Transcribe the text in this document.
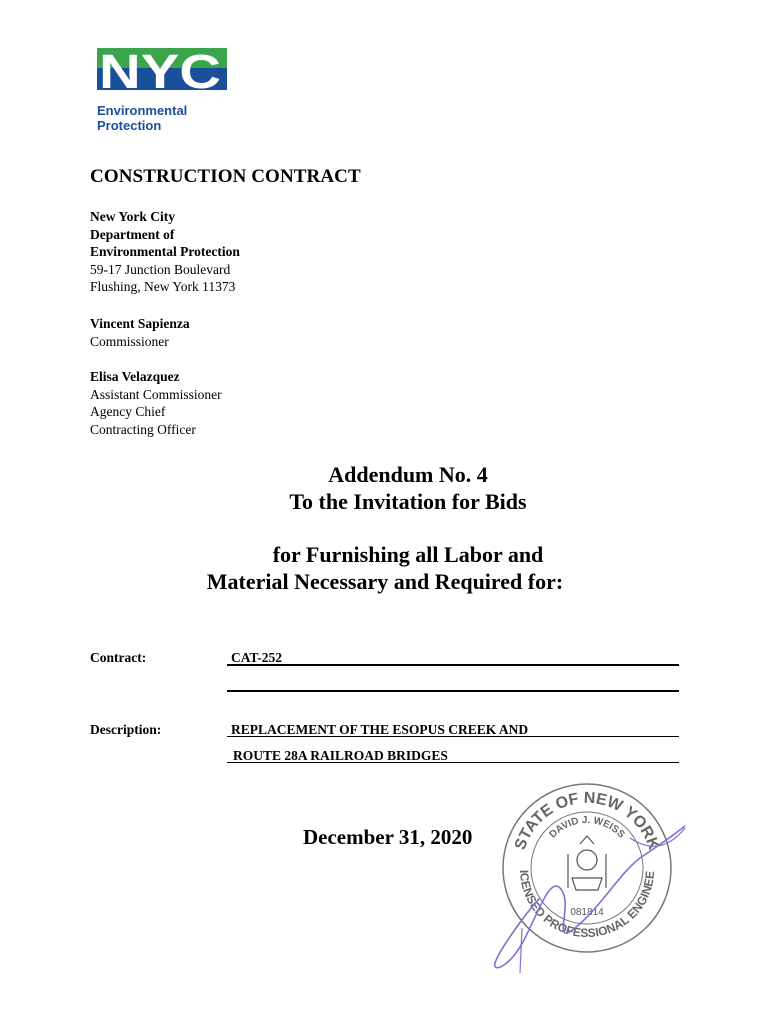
NYC
Environmental
Protection
CONSTRUCTION CONTRACT
New York City
Department of
Environmental Protection
59-17 Junction Boulevard
Flushing, New York 11373
Vincent Sapienza
Commissioner
Elisa Velazquez
Assistant Commissioner
Agency Chief
Contracting Officer
Addendum No. 4
To the Invitation for Bids
for Furnishing all Labor and
Material Necessary and Required for:
Contract:	CAT-252
Description:	REPLACEMENT OF THE ESOPUS CREEK AND
ROUTE 28A RAILROAD BRIDGES
December 31, 2020 STATE OF NEW YORK
DAVID J. WEISS
ICENSED PROFESSIONAL ENGINEE
081814
